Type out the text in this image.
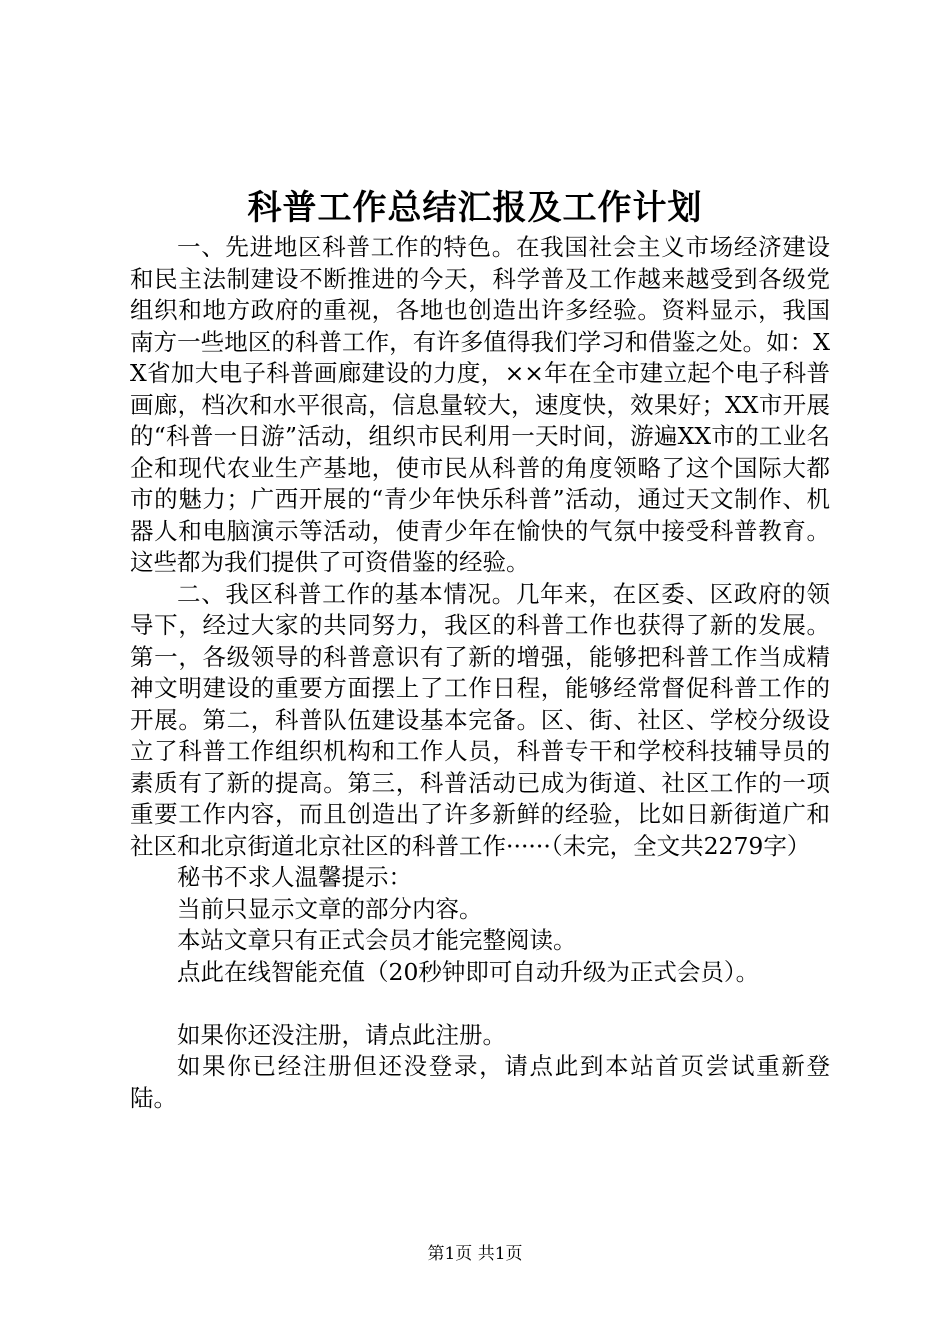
科普工作总结汇报及工作计划

一、先进地区科普工作的特色。在我国社会主义市场经济建设和民主法制建设不断推进的今天，科学普及工作越来越受到各级党组织和地方政府的重视，各地也创造出许多经验。资料显示，我国南方一些地区的科普工作，有许多值得我们学习和借鉴之处。如：XX省加大电子科普画廊建设的力度，××年在全市建立起个电子科普画廊，档次和水平很高，信息量较大，速度快，效果好；XX市开展的“科普一日游”活动，组织市民利用一天时间，游遍XX市的工业名企和现代农业生产基地，使市民从科普的角度领略了这个国际大都市的魅力；广西开展的“青少年快乐科普”活动，通过天文制作、机器人和电脑演示等活动，使青少年在愉快的气氛中接受科普教育。这些都为我们提供了可资借鉴的经验。

二、我区科普工作的基本情况。几年来，在区委、区政府的领导下，经过大家的共同努力，我区的科普工作也获得了新的发展。第一，各级领导的科普意识有了新的增强，能够把科普工作当成精神文明建设的重要方面摆上了工作日程，能够经常督促科普工作的开展。第二，科普队伍建设基本完备。区、街、社区、学校分级设立了科普工作组织机构和工作人员，科普专干和学校科技辅导员的素质有了新的提高。第三，科普活动已成为街道、社区工作的一项重要工作内容，而且创造出了许多新鲜的经验，比如日新街道广和社区和北京街道北京社区的科普工作······（未完，全文共2279字）

秘书不求人温馨提示：

当前只显示文章的部分内容。

本站文章只有正式会员才能完整阅读。

点此在线智能充值（20秒钟即可自动升级为正式会员）。

如果你还没注册，请点此注册。

如果你已经注册但还没登录，请点此到本站首页尝试重新登陆。

第1页 共1页
